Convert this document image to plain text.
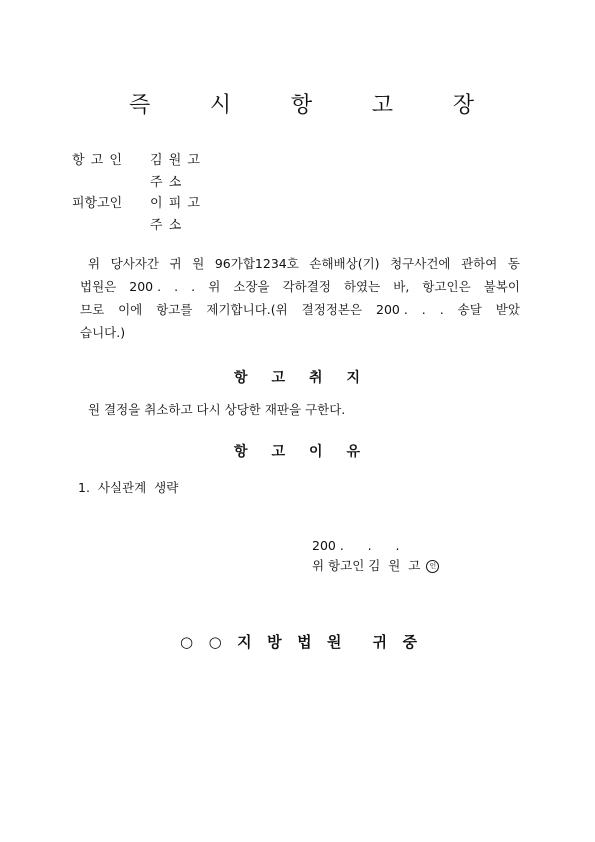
즉	시	항	고	장
항 고 인 김 원 고
주 소
피항고인 이 피 고
주 소
위 당사자간 귀 원 96가합1234호 손해배상(기) 청구사건에 관하여 동
법원은 200 . . . 위 소장을 각하결정 하였는 바, 항고인은 불복이
므로 이에 항고를 제기합니다.(위 결정정본은 200 . . . 송달 받았
습니다.)
항 고 취 지
원 결정을 취소하고 다시 상당한 재판을 구한다.
항 고 이 유
1.  사실관계  생략
200 .      .      .
위 항고인 김  원  고 인
○ ○ 지 방 법 원 귀 중
